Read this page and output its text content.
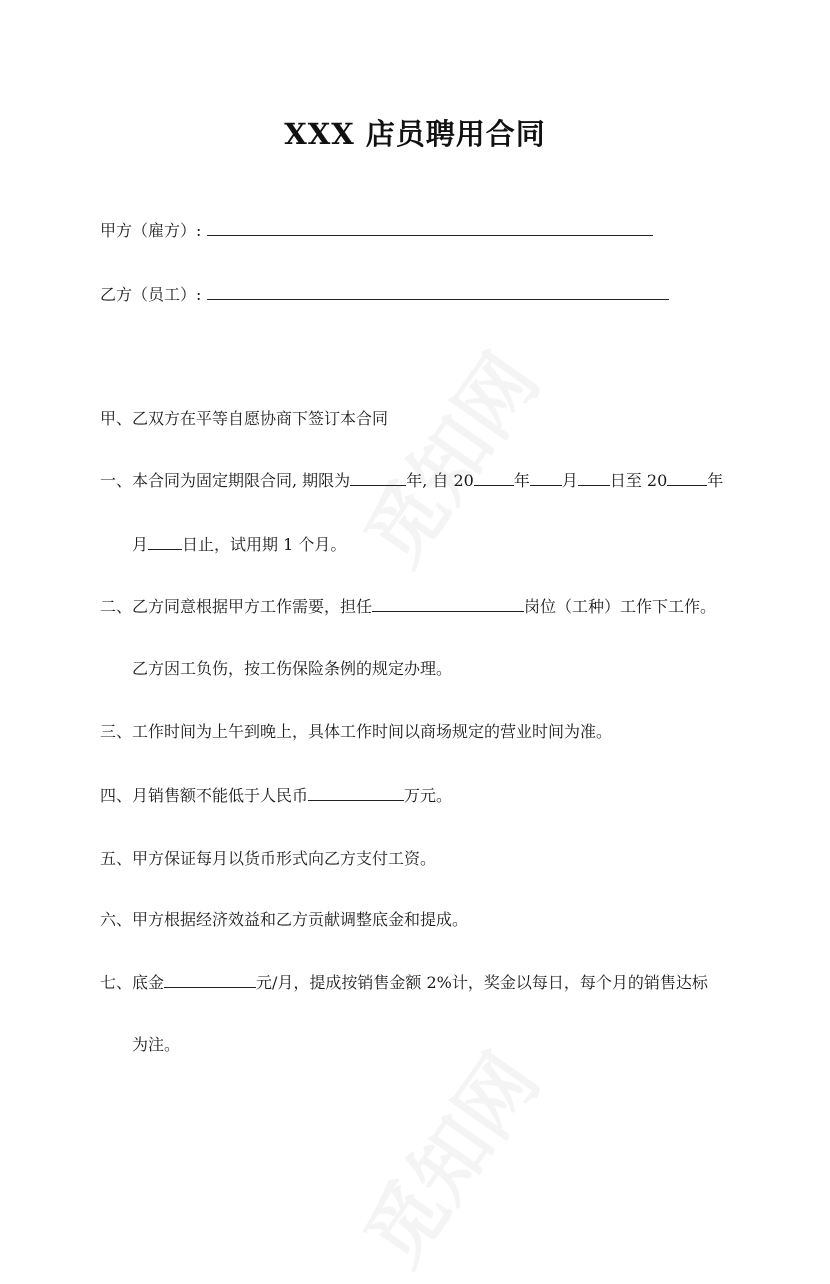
XXX 店员聘用合同
甲方（雇方）:
乙方（员工）:
甲、乙双方在平等自愿协商下签订本合同
一、本合同为固定期限合同, 期限为	年, 自 20	年 月 日至 20	年
月 日止，试用期 1 个月。
二、乙方同意根据甲方工作需要，担任	岗位（工种）工作下工作。
乙方因工负伤，按工伤保险条例的规定办理。
三、工作时间为上午到晚上，具体工作时间以商场规定的营业时间为准。
四、月销售额不能低于人民币	万元。
五、甲方保证每月以货币形式向乙方支付工资。
六、甲方根据经济效益和乙方贡献调整底金和提成。
七、底金	元/月，提成按销售金额 2%计，奖金以每日，每个月的销售达标
为注。
